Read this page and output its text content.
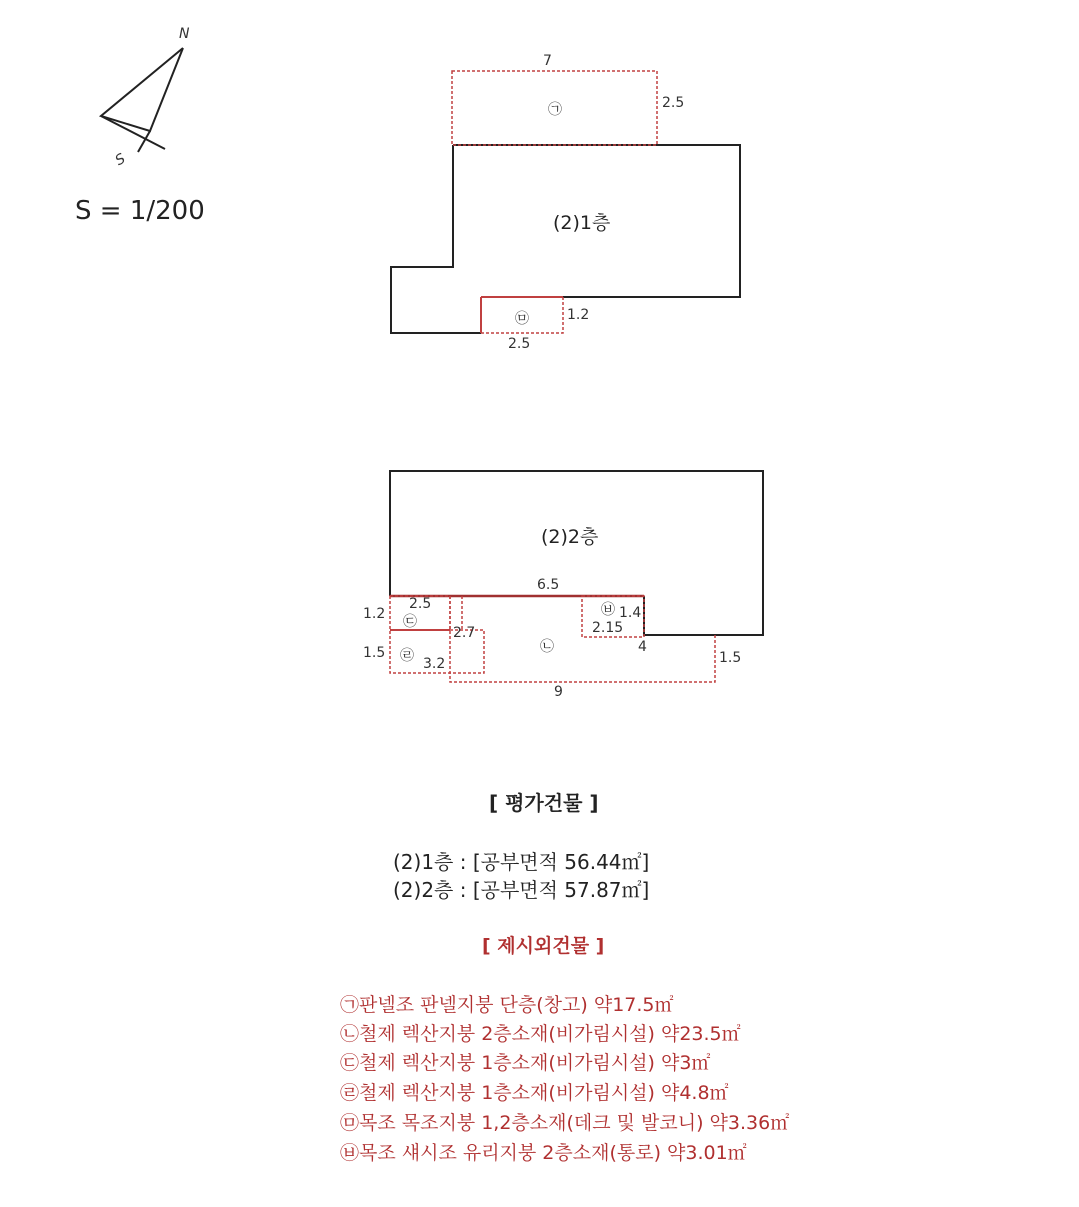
N
S
S = 1/200
7
2.5
㉠
(2)1층
㉤	1.2
2.5
(2)2층
6.5
2.5
1.2 ㉢
1.5 ㉣ 3.2
2.7
㉥ 1.4
2.15
㉡	4
1.5
9
[ 평가건물 ]
(2)1층 : [공부면적 56.44㎡]
(2)2층 : [공부면적 57.87㎡]
[ 제시외건물 ]
㉠판넬조 판넬지붕 단층(창고) 약17.5㎡
㉡철제 렉산지붕 2층소재(비가림시설) 약23.5㎡
㉢철제 렉산지붕 1층소재(비가림시설) 약3㎡
㉣철제 렉산지붕 1층소재(비가림시설) 약4.8㎡
㉤목조 목조지붕 1,2층소재(데크 및 발코니) 약3.36㎡
㉥목조 섀시조 유리지붕 2층소재(통로) 약3.01㎡
